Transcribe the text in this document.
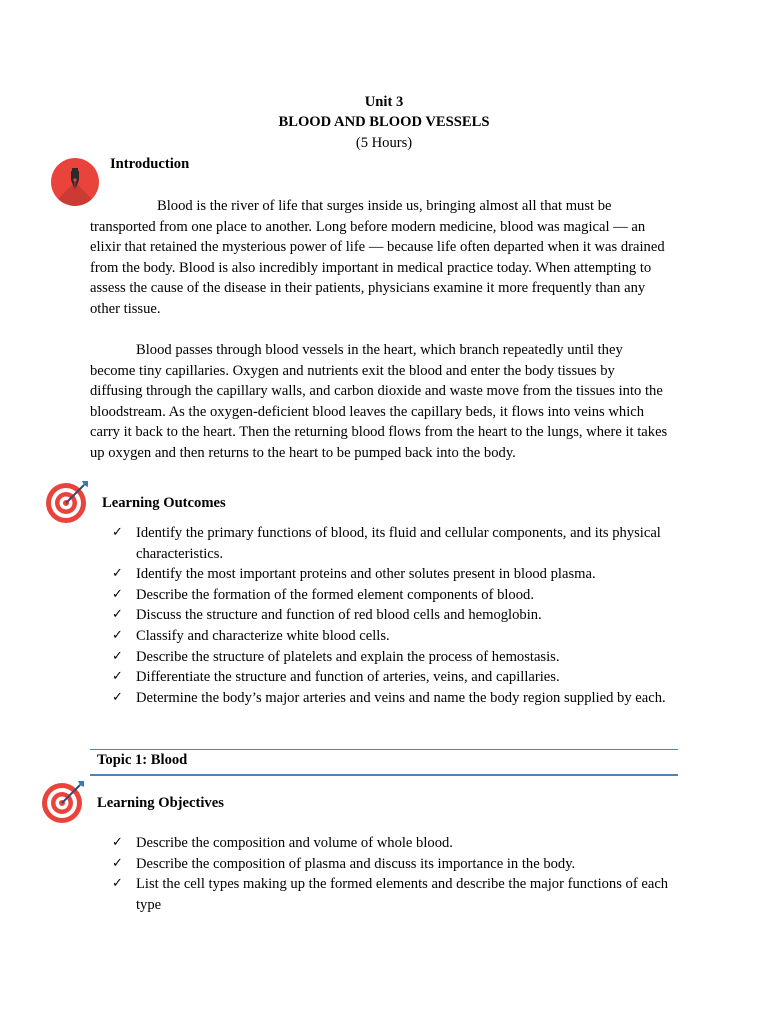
Unit 3
BLOOD AND BLOOD VESSELS
(5 Hours)
Introduction

Blood is the river of life that surges inside us, bringing almost all that must be transported from one place to another. Long before modern medicine, blood was magical — an elixir that retained the mysterious power of life — because life often departed when it was drained from the body. Blood is also incredibly important in medical practice today. When attempting to assess the cause of the disease in their patients, physicians examine it more frequently than any other tissue.

Blood passes through blood vessels in the heart, which branch repeatedly until they become tiny capillaries. Oxygen and nutrients exit the blood and enter the body tissues by diffusing through the capillary walls, and carbon dioxide and waste move from the tissues into the bloodstream. As the oxygen-deficient blood leaves the capillary beds, it flows into veins which carry it back to the heart. Then the returning blood flows from the heart to the lungs, where it takes up oxygen and then returns to the heart to be pumped back into the body.

Learning Outcomes
✓ Identify the primary functions of blood, its fluid and cellular components, and its physical characteristics.
✓ Identify the most important proteins and other solutes present in blood plasma.
✓ Describe the formation of the formed element components of blood.
✓ Discuss the structure and function of red blood cells and hemoglobin.
✓ Classify and characterize white blood cells.
✓ Describe the structure of platelets and explain the process of hemostasis.
✓ Differentiate the structure and function of arteries, veins, and capillaries.
✓ Determine the body’s major arteries and veins and name the body region supplied by each.
Topic 1: Blood
Learning Objectives
✓ Describe the composition and volume of whole blood.
✓ Describe the composition of plasma and discuss its importance in the body.
✓ List the cell types making up the formed elements and describe the major functions of each type
